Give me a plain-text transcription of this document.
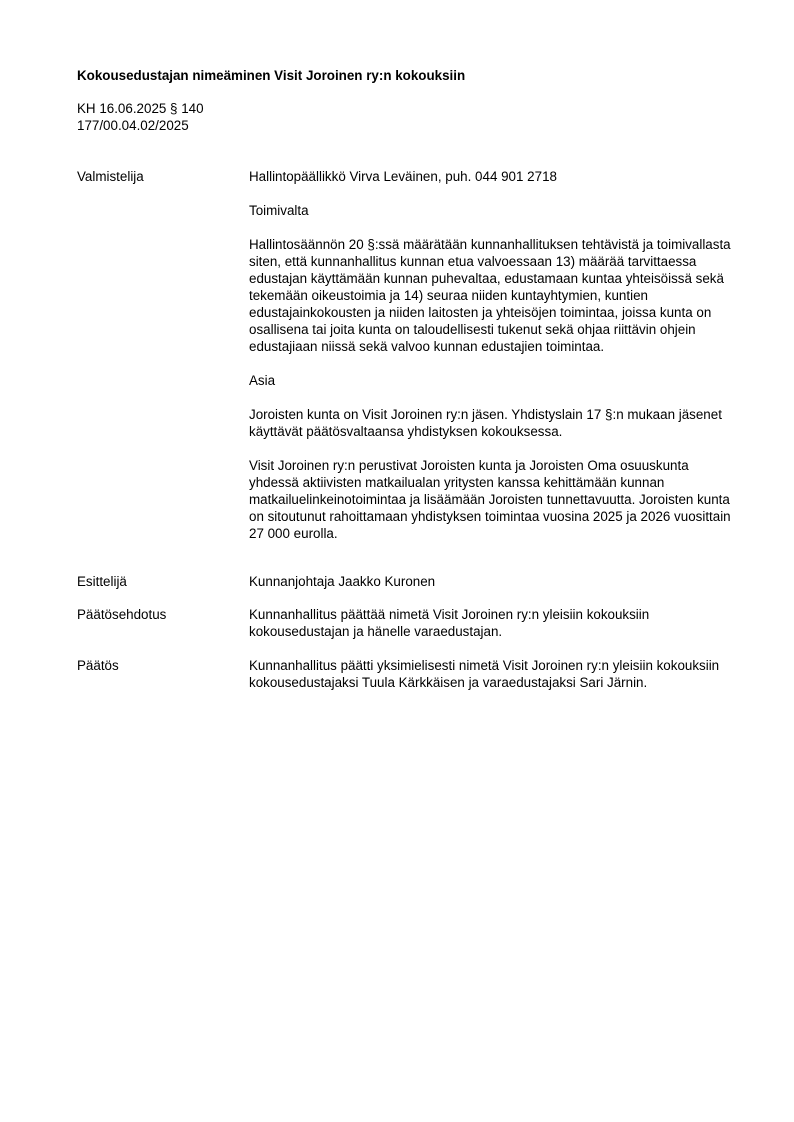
Kokousedustajan nimeäminen Visit Joroinen ry:n kokouksiin
KH 16.06.2025 § 140
177/00.04.02/2025
Valmistelija	Hallintopäällikkö Virva Leväinen, puh. 044 901 2718

Toimivalta

Hallintosäännön 20 §:ssä määrätään kunnanhallituksen tehtävistä ja toimivallasta siten, että kunnanhallitus kunnan etua valvoessaan 13) määrää tarvittaessa edustajan käyttämään kunnan puhevaltaa, edustamaan kuntaa yhteisöissä sekä tekemään oikeustoimia ja 14) seuraa niiden kuntayhtymien, kuntien edustajainkokousten ja niiden laitosten ja yhteisöjen toimintaa, joissa kunta on osallisena tai joita kunta on taloudellisesti tukenut sekä ohjaa riittävin ohjein edustajiaan niissä sekä valvoo kunnan edustajien toimintaa.

Asia

Joroisten kunta on Visit Joroinen ry:n jäsen. Yhdistyslain 17 §:n mukaan jäsenet käyttävät päätösvaltaansa yhdistyksen kokouksessa.

Visit Joroinen ry:n perustivat Joroisten kunta ja Joroisten Oma osuuskunta yhdessä aktiivisten matkailualan yritysten kanssa kehittämään kunnan matkailuelinkeinotoimintaa ja lisäämään Joroisten tunnettavuutta. Joroisten kunta on sitoutunut rahoittamaan yhdistyksen toimintaa vuosina 2025 ja 2026 vuosittain 27 000 eurolla.

Esittelijä	Kunnanjohtaja Jaakko Kuronen

Päätösehdotus	Kunnanhallitus päättää nimetä Visit Joroinen ry:n yleisiin kokouksiin kokousedustajan ja hänelle varaedustajan.

Päätös	Kunnanhallitus päätti yksimielisesti nimetä Visit Joroinen ry:n yleisiin kokouksiin kokousedustajaksi Tuula Kärkkäisen ja varaedustajaksi Sari Järnin.
